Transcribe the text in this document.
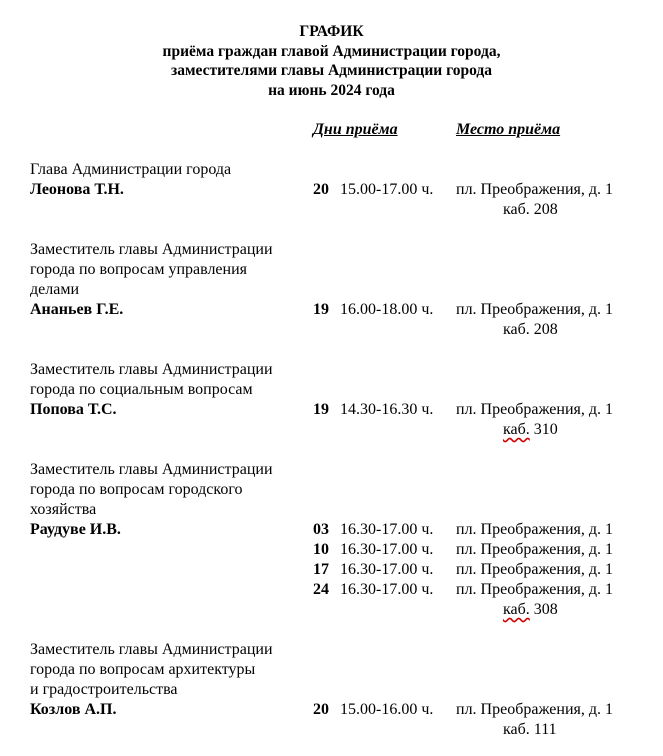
ГРАФИК
приёма граждан главой Администрации города,
заместителями главы Администрации города
на июнь 2024 года
Дни приёма	Место приёма
Глава Администрации города
Леонова Т.Н.	20 15.00-17.00 ч. пл. Преображения, д. 1
каб. 208
Заместитель главы Администрации
города по вопросам управления
делами
Ананьев Г.Е.	19 16.00-18.00 ч. пл. Преображения, д. 1
каб. 208
Заместитель главы Администрации
города по социальным вопросам
Попова Т.С.	19 14.30-16.30 ч. пл. Преображения, д. 1
каб. 310
Заместитель главы Администрации
города по вопросам городского
хозяйства
Раудуве И.В.	03 16.30-17.00 ч. пл. Преображения, д. 1
10 16.30-17.00 ч. пл. Преображения, д. 1
17 16.30-17.00 ч. пл. Преображения, д. 1
24 16.30-17.00 ч. пл. Преображения, д. 1
каб. 308
Заместитель главы Администрации
города по вопросам архитектуры
и градостроительства
Козлов А.П.	20 15.00-16.00 ч. пл. Преображения, д. 1
каб. 111
